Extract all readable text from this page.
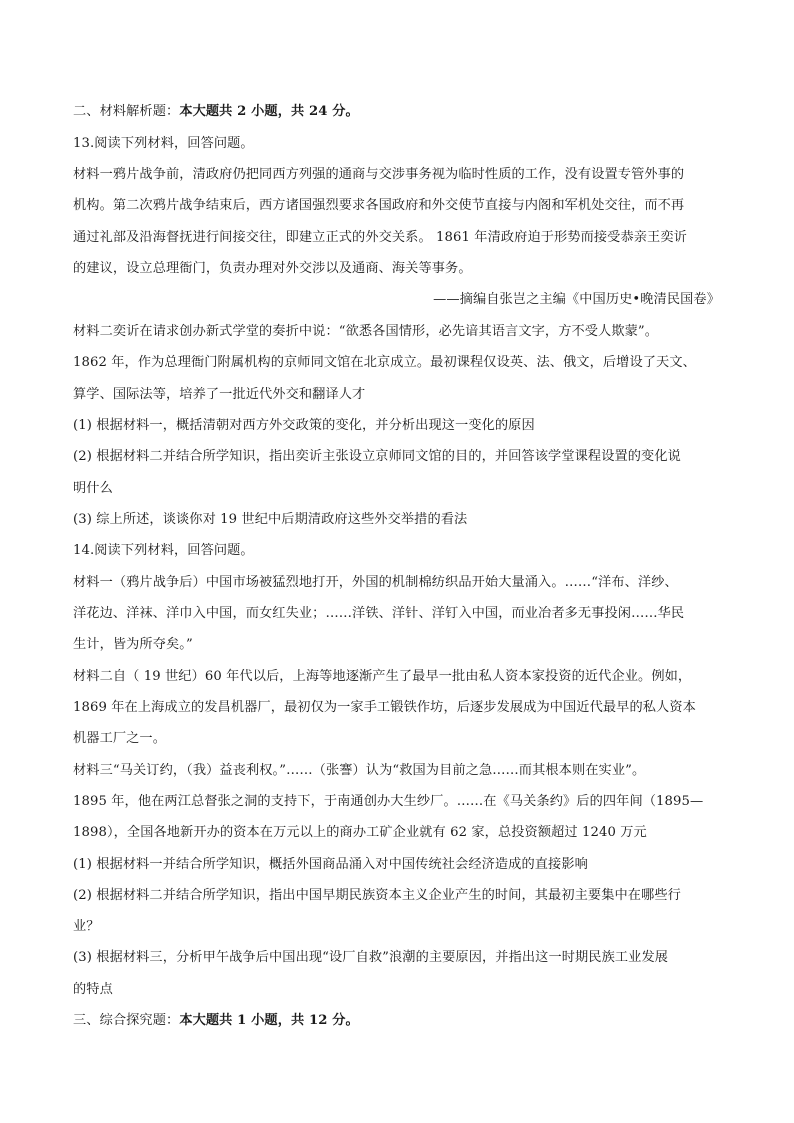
二、材料解析题：本大题共 2 小题，共 24 分。
13.阅读下列材料，回答问题。
材料一鸦片战争前，清政府仍把同西方列强的通商与交涉事务视为临时性质的工作，没有设置专管外事的
机构。第二次鸦片战争结束后，西方诸国强烈要求各国政府和外交使节直接与内阁和军机处交往，而不再
通过礼部及沿海督抚进行间接交往，即建立正式的外交关系。 1861 年清政府迫于形势而接受恭亲王奕䜣
的建议，设立总理衙门，负责办理对外交涉以及通商、海关等事务。
——摘编自张岂之主编《中国历史•晚清民国卷》
材料二奕䜣在请求创办新式学堂的奏折中说：“欲悉各国情形，必先谙其语言文字，方不受人欺蒙”。
1862 年，作为总理衙门附属机构的京师同文馆在北京成立。最初课程仅设英、法、俄文，后增设了天文、
算学、国际法等，培养了一批近代外交和翻译人才
(1) 根据材料一，概括清朝对西方外交政策的变化，并分析出现这一变化的原因
(2) 根据材料二并结合所学知识，指出奕䜣主张设立京师同文馆的目的，并回答该学堂课程设置的变化说
明什么
(3) 综上所述，谈谈你对 19 世纪中后期清政府这些外交举措的看法
14.阅读下列材料，回答问题。
材料一（鸦片战争后）中国市场被猛烈地打开，外国的机制棉纺织品开始大量涌入。……“洋布、洋纱、
洋花边、洋袜、洋巾入中国，而女红失业；……洋铁、洋针、洋钉入中国，而业冶者多无事投闲……华民
生计，皆为所夺矣。”
材料二自（ 19 世纪）60 年代以后，上海等地逐渐产生了最早一批由私人资本家投资的近代企业。例如，
1869 年在上海成立的发昌机器厂，最初仅为一家手工锻铁作坊，后逐步发展成为中国近代最早的私人资本
机器工厂之一。
材料三“马关订约，（我）益丧利权。”……（张謇）认为“救国为目前之急……而其根本则在实业”。
1895 年，他在两江总督张之洞的支持下，于南通创办大生纱厂。……在《马关条约》后的四年间（1895—
1898），全国各地新开办的资本在万元以上的商办工矿企业就有 62 家，总投资额超过 1240 万元
(1) 根据材料一并结合所学知识，概括外国商品涌入对中国传统社会经济造成的直接影响
(2) 根据材料二并结合所学知识，指出中国早期民族资本主义企业产生的时间，其最初主要集中在哪些行
业？
(3) 根据材料三，分析甲午战争后中国出现“设厂自救”浪潮的主要原因，并指出这一时期民族工业发展
的特点
三、综合探究题：本大题共 1 小题，共 12 分。
